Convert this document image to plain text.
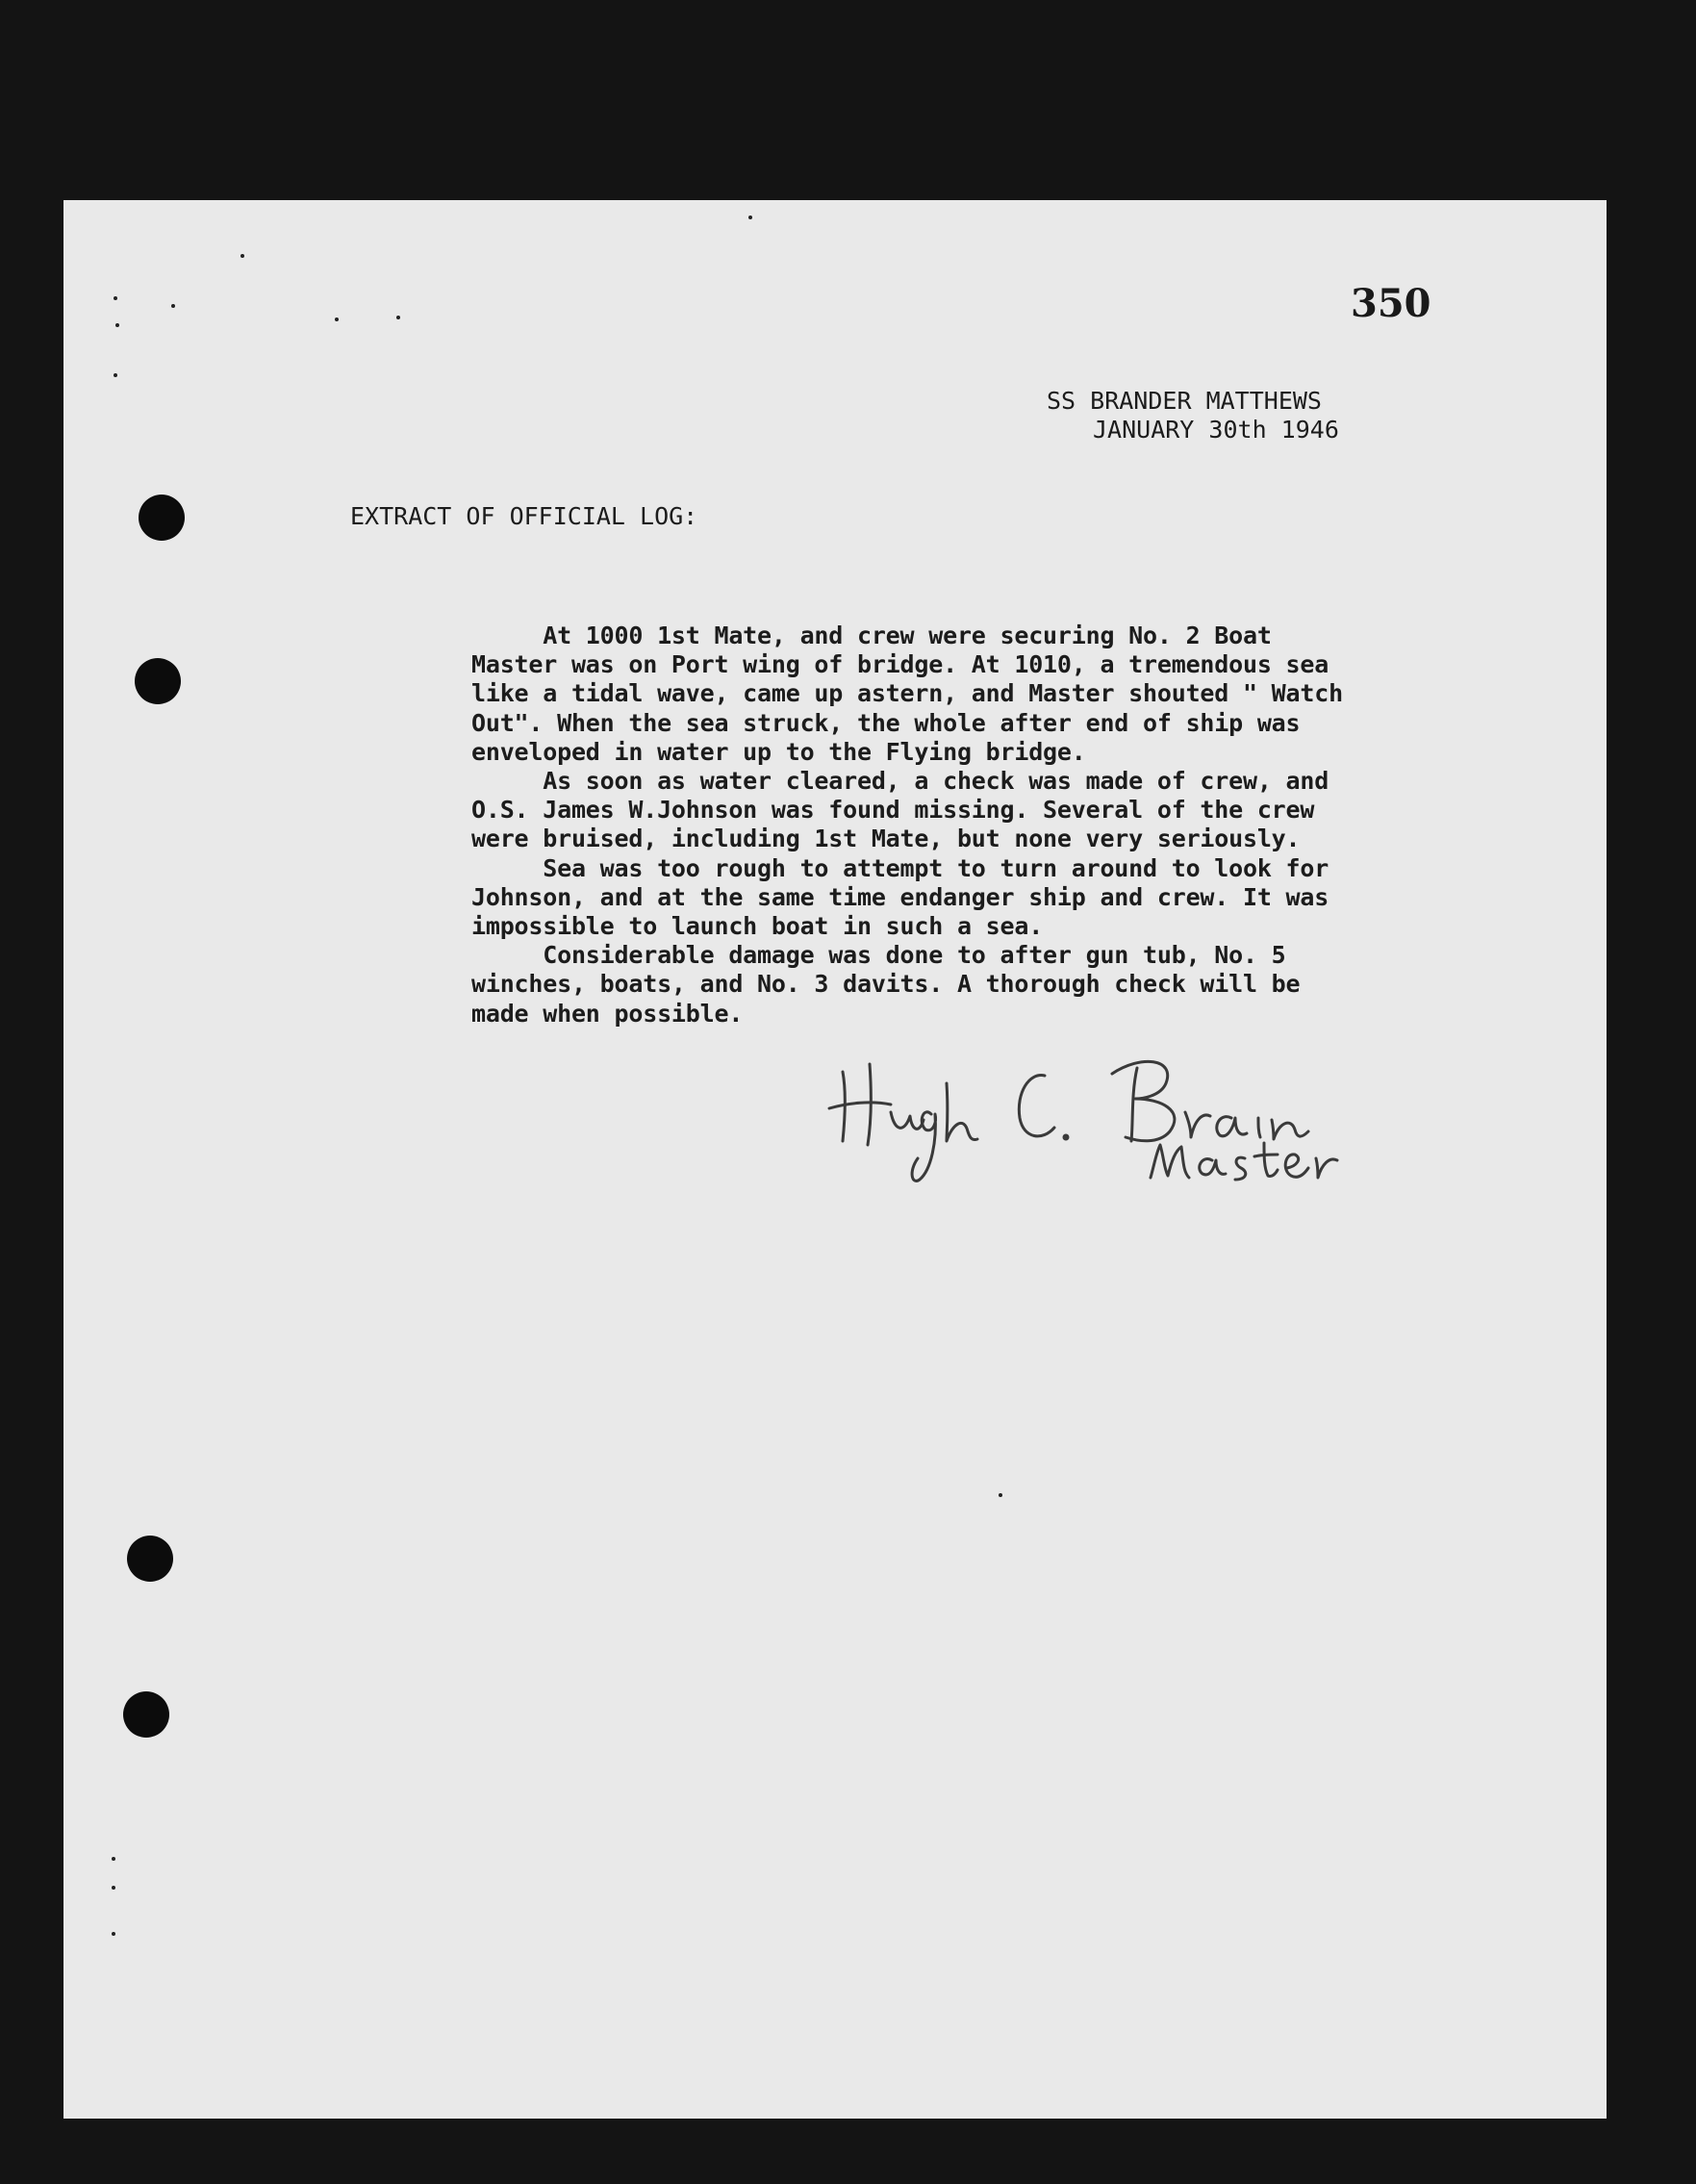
350

SS BRANDER MATTHEWS

JANUARY 30th 1946

EXTRACT OF OFFICIAL LOG:

At 1000 1st Mate, and crew were securing No. 2 Boat
Master was on Port wing of bridge. At 1010, a tremendous sea
like a tidal wave, came up astern, and Master shouted " Watch
Out". When the sea struck, the whole after end of ship was
enveloped in water up to the Flying bridge.
As soon as water cleared, a check was made of crew, and
O.S. James W.Johnson was found missing. Several of the crew
were bruised, including 1st Mate, but none very seriously.
Sea was too rough to attempt to turn around to look for
Johnson, and at the same time endanger ship and crew. It was
impossible to launch boat in such a sea.
Considerable damage was done to after gun tub, No. 5
winches, boats, and No. 3 davits. A thorough check will be
made when possible.
